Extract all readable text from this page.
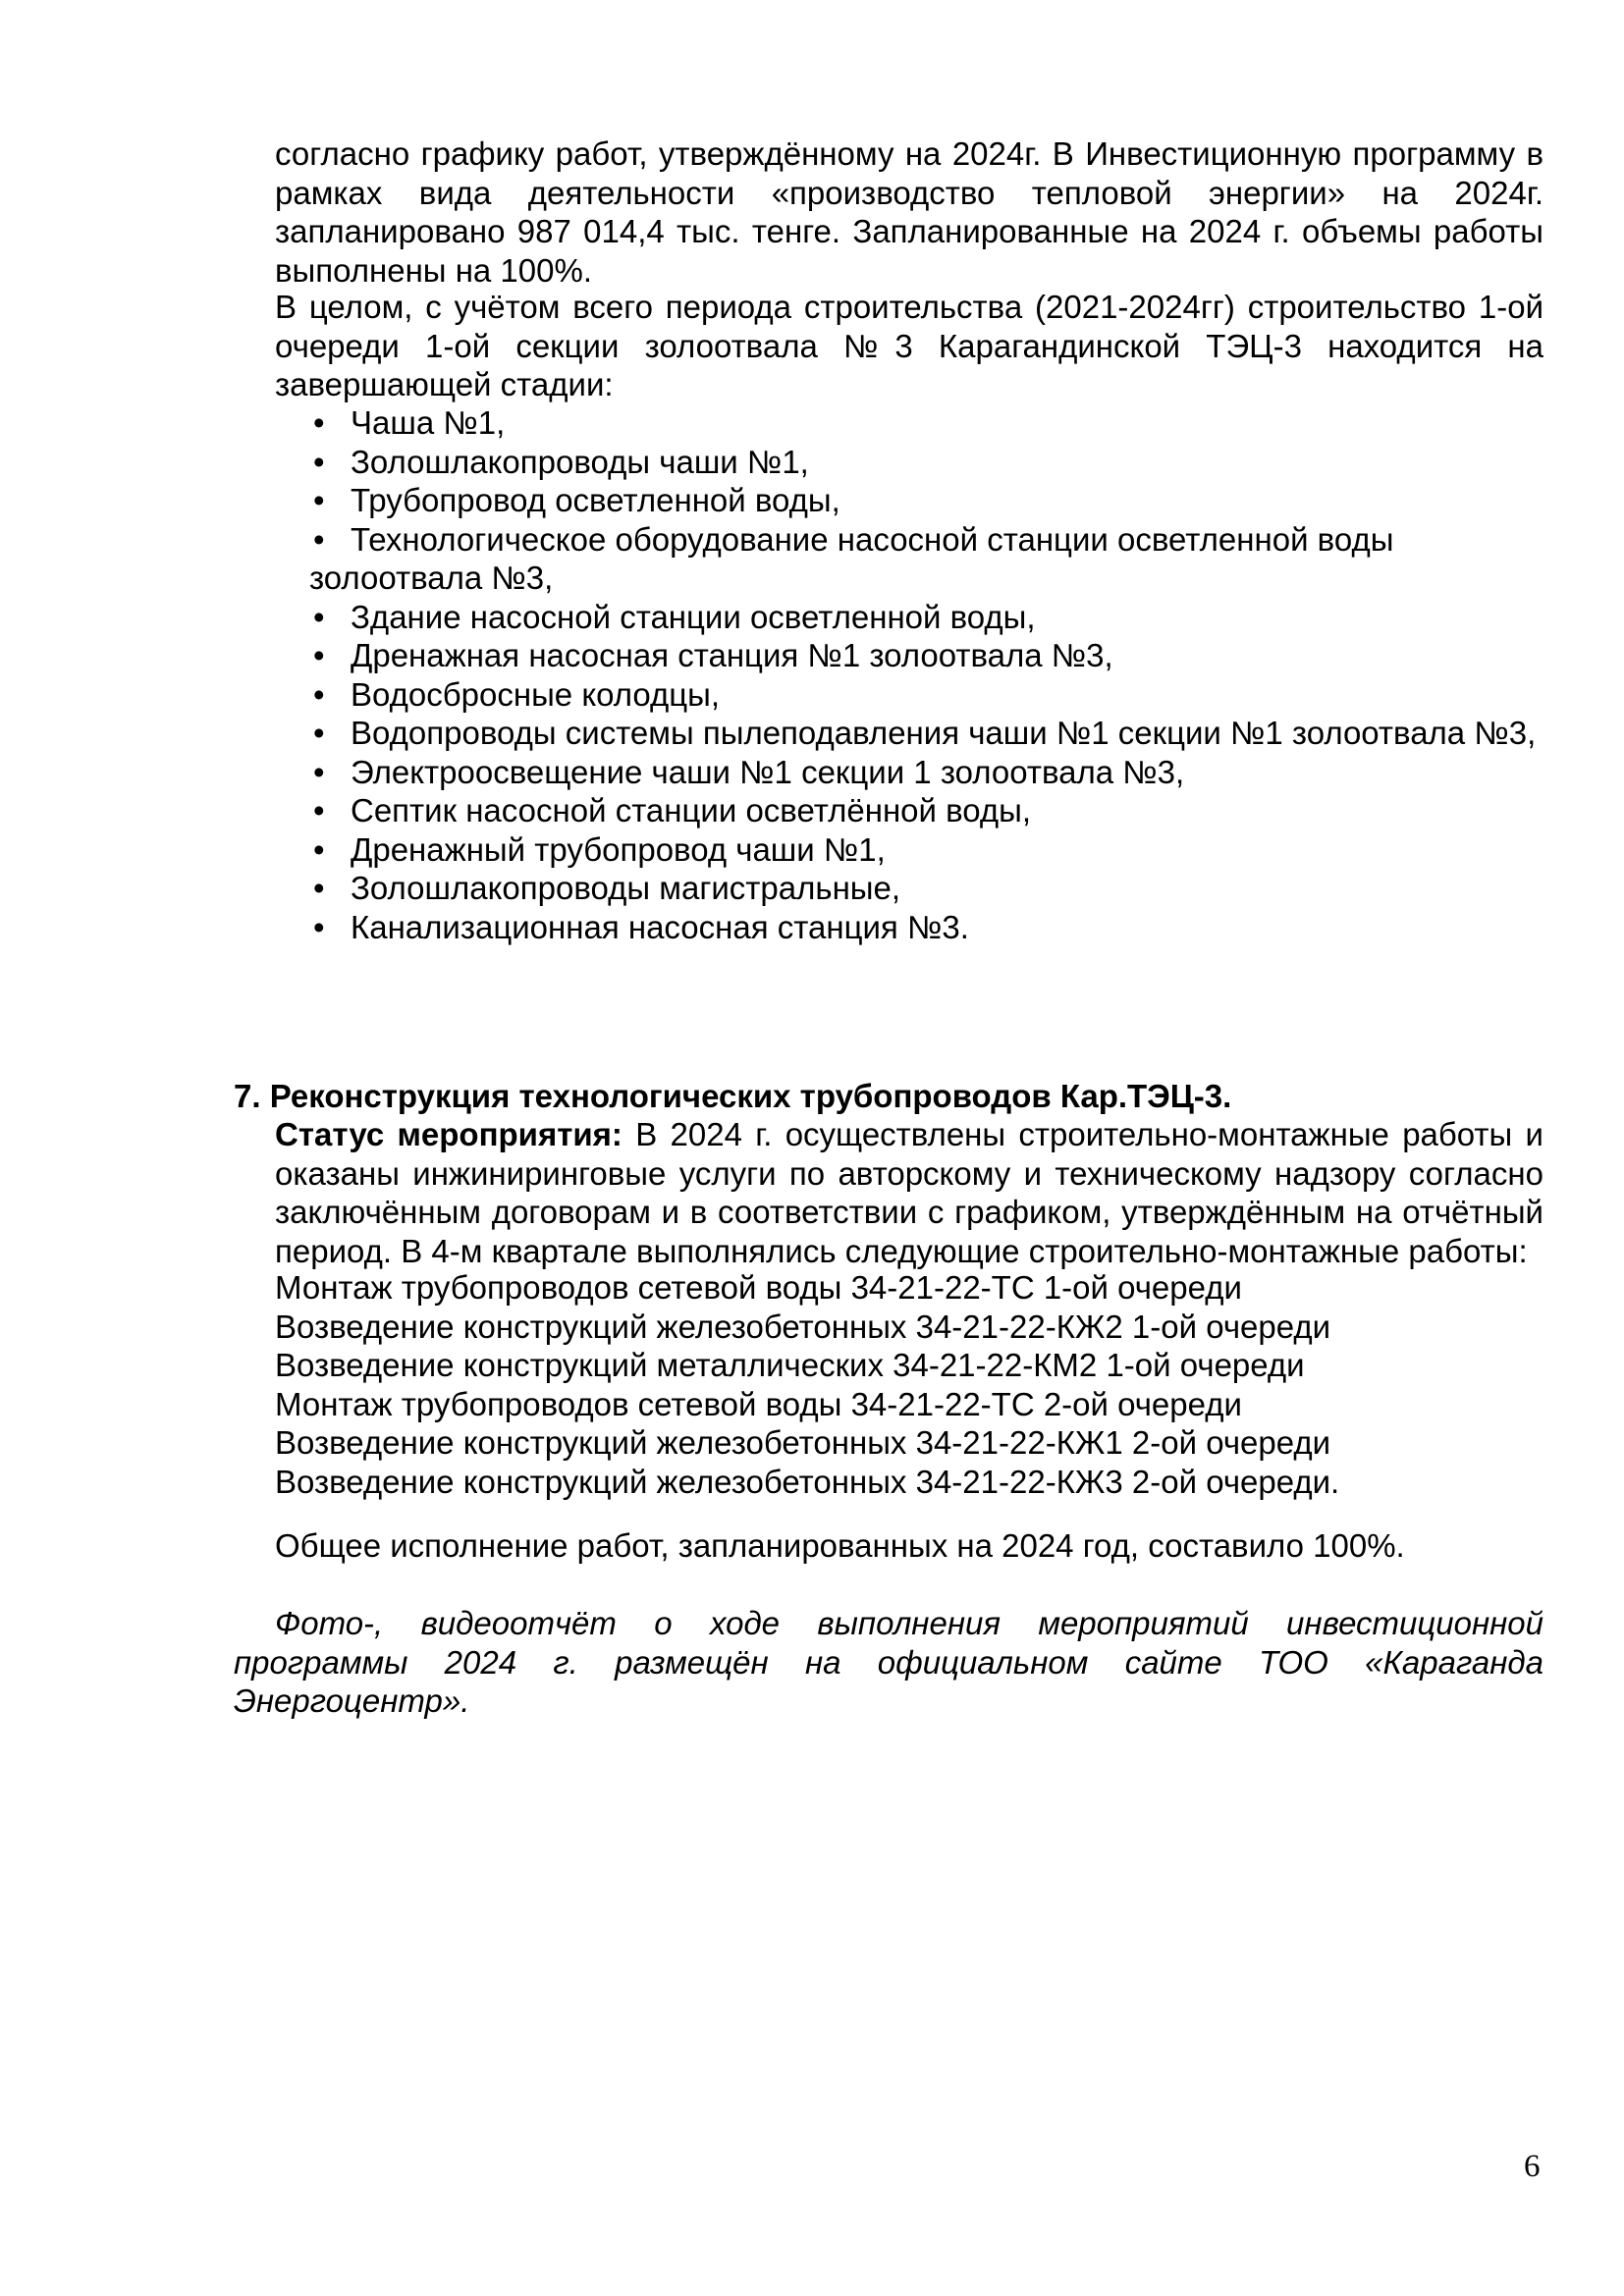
согласно графику работ, утверждённому на 2024г. В Инвестиционную программу в рамках вида деятельности «производство тепловой энергии» на 2024г. запланировано 987 014,4 тыс. тенге. Запланированные на 2024 г. объемы работы выполнены на 100%.

В целом, с учётом всего периода строительства (2021-2024гг) строительство 1-ой очереди 1-ой секции золоотвала №3 Карагандинской ТЭЦ-3 находится на завершающей стадии:

• Чаша №1,
• Золошлакопроводы чаши №1,
• Трубопровод осветленной воды,
• Технологическое оборудование насосной станции осветленной воды золоотвала №3,
• Здание насосной станции осветленной воды,
• Дренажная насосная станция №1 золоотвала №3,
• Водосбросные колодцы,
• Водопроводы системы пылеподавления чаши №1 секции №1 золоотвала №3,
• Электроосвещение чаши №1 секции 1 золоотвала №3,
• Септик насосной станции осветлённой воды,
• Дренажный трубопровод чаши №1,
• Золошлакопроводы магистральные,
• Канализационная насосная станция №3.
7. Реконструкция технологических трубопроводов Кар.ТЭЦ-3.

Статус мероприятия: В 2024 г. осуществлены строительно-монтажные работы и оказаны инжиниринговые услуги по авторскому и техническому надзору согласно заключённым договорам и в соответствии с графиком, утверждённым на отчётный период. В 4-м квартале выполнялись следующие строительно-монтажные работы:

Монтаж трубопроводов сетевой воды 34-21-22-ТС 1-ой очереди
Возведение конструкций железобетонных 34-21-22-КЖ2 1-ой очереди
Возведение конструкций металлических 34-21-22-КМ2 1-ой очереди
Монтаж трубопроводов сетевой воды 34-21-22-ТС 2-ой очереди
Возведение конструкций железобетонных 34-21-22-КЖ1 2-ой очереди
Возведение конструкций железобетонных 34-21-22-КЖ3 2-ой очереди.
Общее исполнение работ, запланированных на 2024 год, составило 100%.

Фото-, видеоотчёт о ходе выполнения мероприятий инвестиционной программы 2024 г. размещён на официальном сайте ТОО «Караганда Энергоцентр».

6
